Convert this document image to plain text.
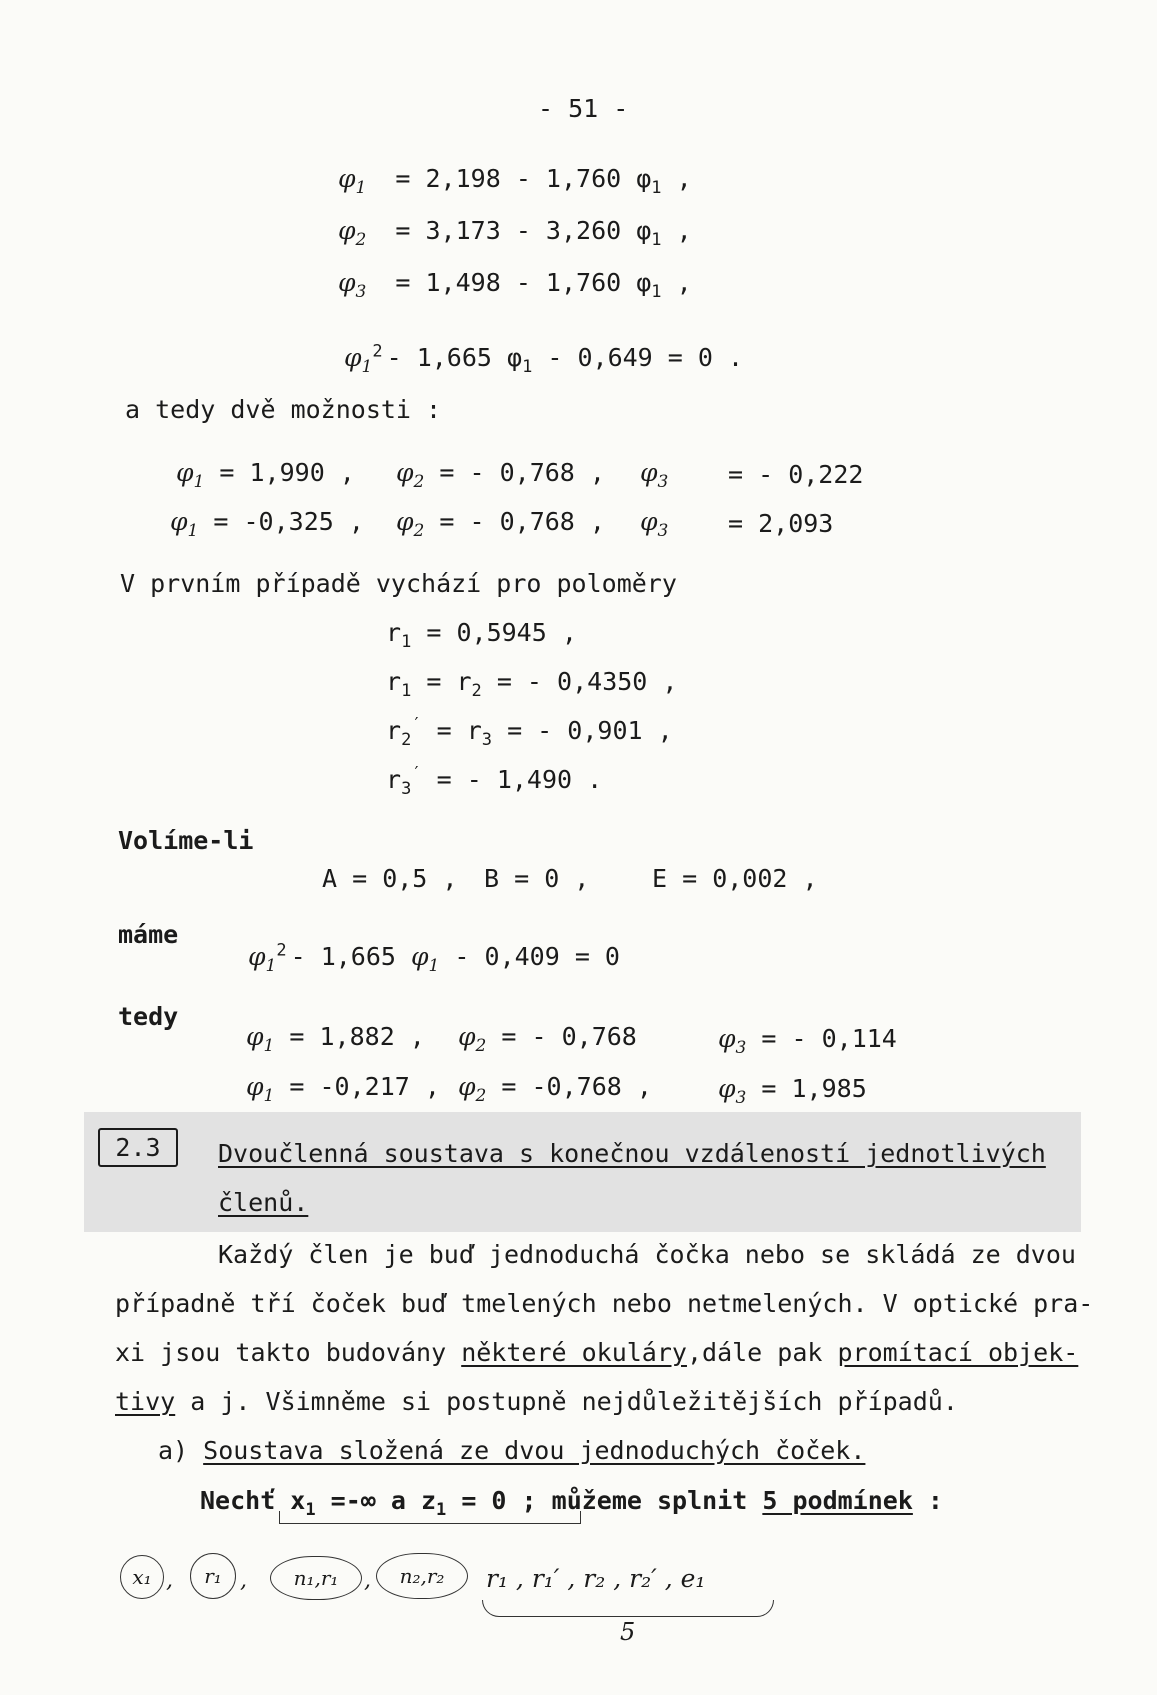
- 51 -
$\varphi_1 = 2,198 - 1,760$ $\varphi_1$ ,
$\varphi_2 = 3,173 - 3,260$ $\varphi_1$ ,
$\varphi_3 = 1,498 - 1,760$ $\varphi_1$ ,
$\varphi_1^2 - 1,665$ $\varphi_1 - 0,649 = 0$ .
a tedy dvě možnosti :
$\varphi_1 = 1,990$ , $\varphi_2$ = - 0,768 , $\varphi_3$ = - 0,222
$\varphi_1 = -0,325$ , $\varphi_2$ = - 0,768 , $\varphi_3 = 2,093$
V prvním případě vychází pro poloměry
$r_1 = 0,5945$ ,
$r_1 = r_2$ = - 0,4350 ,
$r_2' = r_3$ = - 0,901 ,
$r_3'$ = - 1,490 .
Volíme-li
A = 0,5 , B = 0 ,	E = 0,002 ,
máme
$\varphi_1^2 - 1,665$ $\varphi_1 - 0,409 = 0$
tedy
$\varphi_1 = 1,882$ , $\varphi_2$ = - 0,768	$\varphi_3$ = - 0,114
$\varphi_1 = -0,217$ , $\varphi_2 = -0,768$ ,	$\varphi_3 = 1,985$
2.3	Dvoučlenná soustava s konečnou vzdáleností jednotlivých
členů.
Každý člen je buď jednoduchá čočka nebo se skládá ze dvou
případně tří čoček buď tmelených nebo netmelených. V optické pra-
xi jsou takto budovány některé okuláry,dále pak promítací objek-
tivy a j. Všimněme si postupně nejdůležitějších případů.
a) Soustava složená ze dvou jednoduchých čoček.
Nechť $x_1$ =-∞ a $z_1 = 0$ ; můžeme splnit 5 podmínek :
x₁ ,	r₁ ,	n₁,r₁	,	n₂,r₂	r₁ , r₁′ , r₂ , r₂′ , e₁
5
